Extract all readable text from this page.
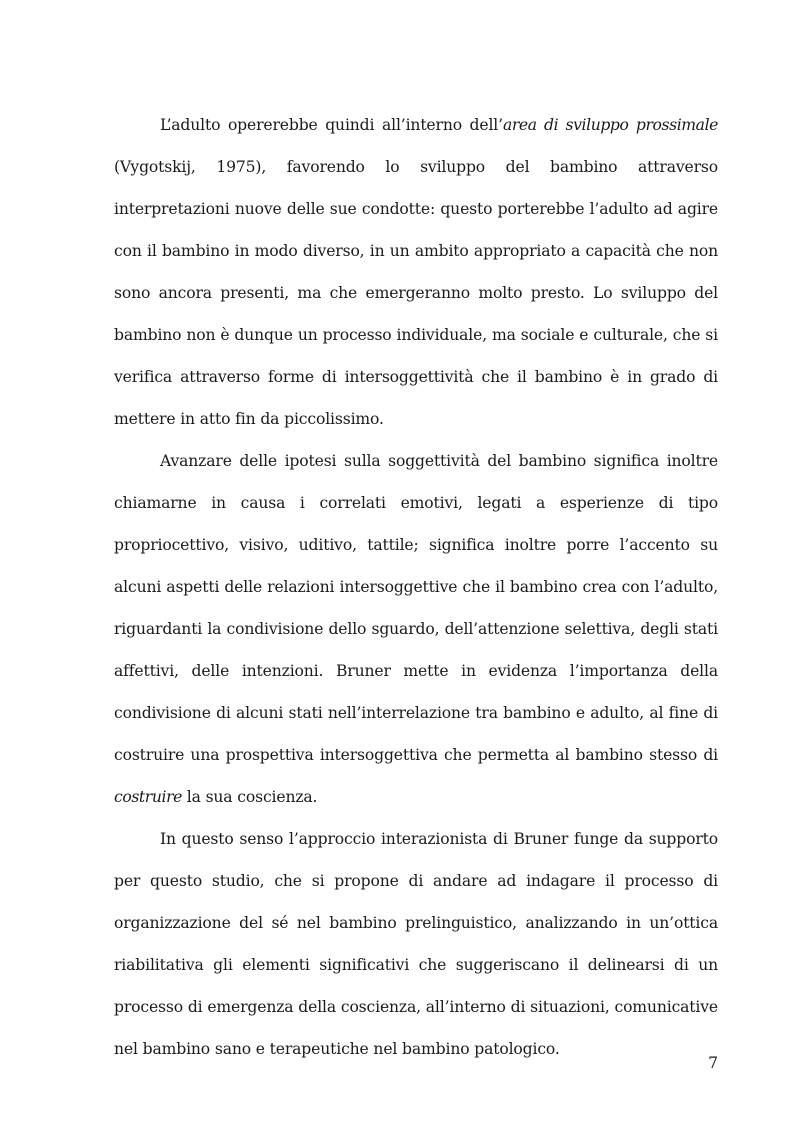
L’adulto opererebbe quindi all’interno dell’area di sviluppo prossimale (Vygotskij, 1975), favorendo lo sviluppo del bambino attraverso interpretazioni nuove delle sue condotte: questo porterebbe l’adulto ad agire con il bambino in modo diverso, in un ambito appropriato a capacità che non sono ancora presenti, ma che emergeranno molto presto. Lo sviluppo del bambino non è dunque un processo individuale, ma sociale e culturale, che si verifica attraverso forme di intersoggettività che il bambino è in grado di mettere in atto fin da piccolissimo.

Avanzare delle ipotesi sulla soggettività del bambino significa inoltre chiamarne in causa i correlati emotivi, legati a esperienze di tipo propriocettivo, visivo, uditivo, tattile; significa inoltre porre l’accento su alcuni aspetti delle relazioni intersoggettive che il bambino crea con l’adulto, riguardanti la condivisione dello sguardo, dell’attenzione selettiva, degli stati affettivi, delle intenzioni. Bruner mette in evidenza l’importanza della condivisione di alcuni stati nell’interrelazione tra bambino e adulto, al fine di costruire una prospettiva intersoggettiva che permetta al bambino stesso di costruire la sua coscienza.

In questo senso l’approccio interazionista di Bruner funge da supporto per questo studio, che si propone di andare ad indagare il processo di organizzazione del sé nel bambino prelinguistico, analizzando in un’ottica riabilitativa gli elementi significativi che suggeriscano il delinearsi di un processo di emergenza della coscienza, all’interno di situazioni, comunicative nel bambino sano e terapeutiche nel bambino patologico.

7
